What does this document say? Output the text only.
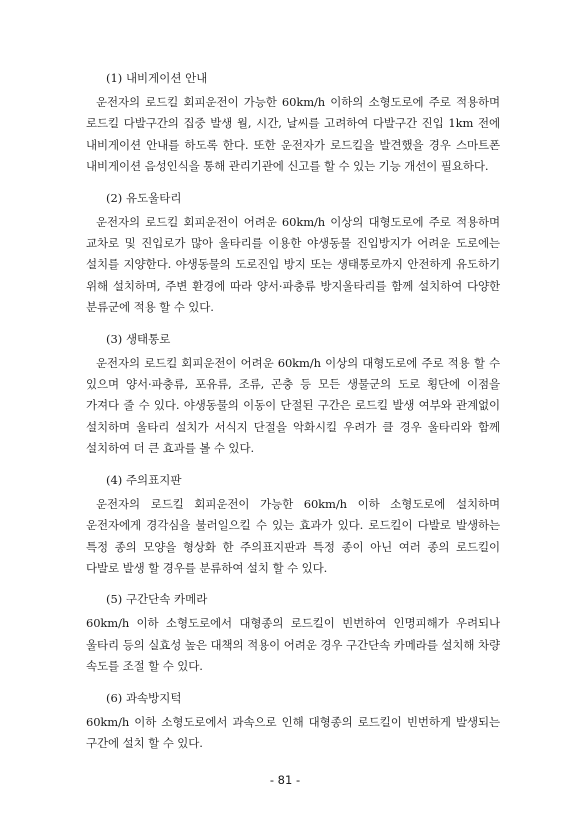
(1) 내비게이션 안내

운전자의 로드킬 회피운전이 가능한 60km/h 이하의 소형도로에 주로 적용하며 로드킬 다발구간의 집중 발생 월, 시간, 날씨를 고려하여 다발구간 진입 1km 전에 내비게이션 안내를 하도록 한다. 또한 운전자가 로드킬을 발견했을 경우 스마트폰 내비게이션 음성인식을 통해 관리기관에 신고를 할 수 있는 기능 개선이 필요하다.

(2) 유도울타리

운전자의 로드킬 회피운전이 어려운 60km/h 이상의 대형도로에 주로 적용하며 교차로 및 진입로가 많아 울타리를 이용한 야생동물 진입방지가 어려운 도로에는 설치를 지양한다. 야생동물의 도로진입 방지 또는 생태통로까지 안전하게 유도하기 위해 설치하며, 주변 환경에 따라 양서·파충류 방지울타리를 함께 설치하여 다양한 분류군에 적용 할 수 있다.

(3) 생태통로

운전자의 로드킬 회피운전이 어려운 60km/h 이상의 대형도로에 주로 적용 할 수 있으며 양서·파충류, 포유류, 조류, 곤충 등 모든 생물군의 도로 횡단에 이점을 가져다 줄 수 있다. 야생동물의 이동이 단절된 구간은 로드킬 발생 여부와 관계없이 설치하며 울타리 설치가 서식지 단절을 악화시킬 우려가 클 경우 울타리와 함께 설치하여 더 큰 효과를 볼 수 있다.

(4) 주의표지판

운전자의 로드킬 회피운전이 가능한 60km/h 이하 소형도로에 설치하며 운전자에게 경각심을 불러일으킬 수 있는 효과가 있다. 로드킬이 다발로 발생하는 특정 종의 모양을 형상화 한 주의표지판과 특정 종이 아닌 여러 종의 로드킬이 다발로 발생 할 경우를 분류하여 설치 할 수 있다.

(5) 구간단속 카메라

60km/h 이하 소형도로에서 대형종의 로드킬이 빈번하여 인명피해가 우려되나 울타리 등의 실효성 높은 대책의 적용이 어려운 경우 구간단속 카메라를 설치해 차량 속도를 조절 할 수 있다.

(6) 과속방지턱

60km/h 이하 소형도로에서 과속으로 인해 대형종의 로드킬이 빈번하게 발생되는 구간에 설치 할 수 있다.

- 81 -
